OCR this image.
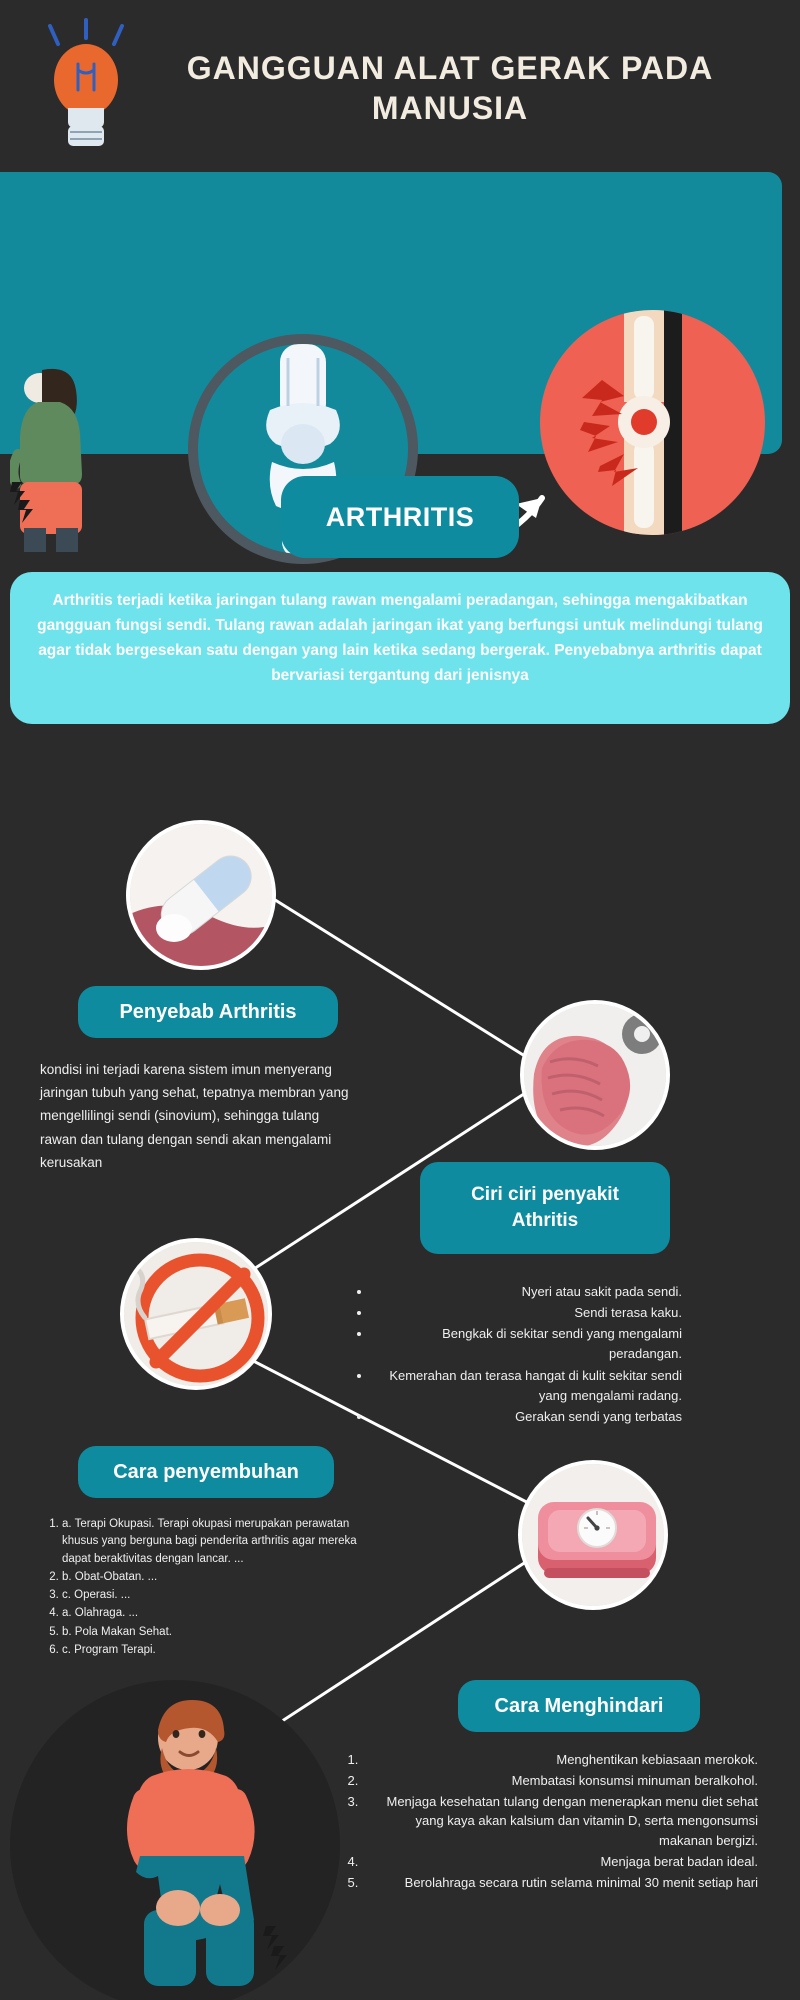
GANGGUAN ALAT GERAK PADA MANUSIA
ARTHRITIS
Arthritis terjadi ketika jaringan tulang rawan mengalami peradangan, sehingga mengakibatkan gangguan fungsi sendi. Tulang rawan adalah jaringan ikat yang berfungsi untuk melindungi tulang agar tidak bergesekan satu dengan yang lain ketika sedang bergerak. Penyebabnya arthritis dapat bervariasi tergantung dari jenisnya
Penyebab Arthritis
kondisi ini terjadi karena sistem imun menyerang jaringan tubuh yang sehat, tepatnya membran yang mengellilingi sendi (sinovium), sehingga tulang rawan dan tulang dengan sendi akan mengalami kerusakan
Ciri ciri penyakit Athritis
• Nyeri atau sakit pada sendi.
• Sendi terasa kaku.
• Bengkak di sekitar sendi yang mengalami peradangan.
• Kemerahan dan terasa hangat di kulit sekitar sendi yang mengalami radang.
• Gerakan sendi yang terbatas
Cara penyembuhan
1. a. Terapi Okupasi. Terapi okupasi merupakan perawatan khusus yang berguna bagi penderita arthritis agar mereka dapat beraktivitas dengan lancar. ...
2. b. Obat-Obatan. ...
3. c. Operasi. ...
4. a. Olahraga. ...
5. b. Pola Makan Sehat.
6. c. Program Terapi.
Cara Menghindari
1. Menghentikan kebiasaan merokok.
2. Membatasi konsumsi minuman beralkohol.
3. Menjaga kesehatan tulang dengan menerapkan menu diet sehat yang kaya akan kalsium dan vitamin D, serta mengonsumsi makanan bergizi.
4. Menjaga berat badan ideal.
5. Berolahraga secara rutin selama minimal 30 menit setiap hari
